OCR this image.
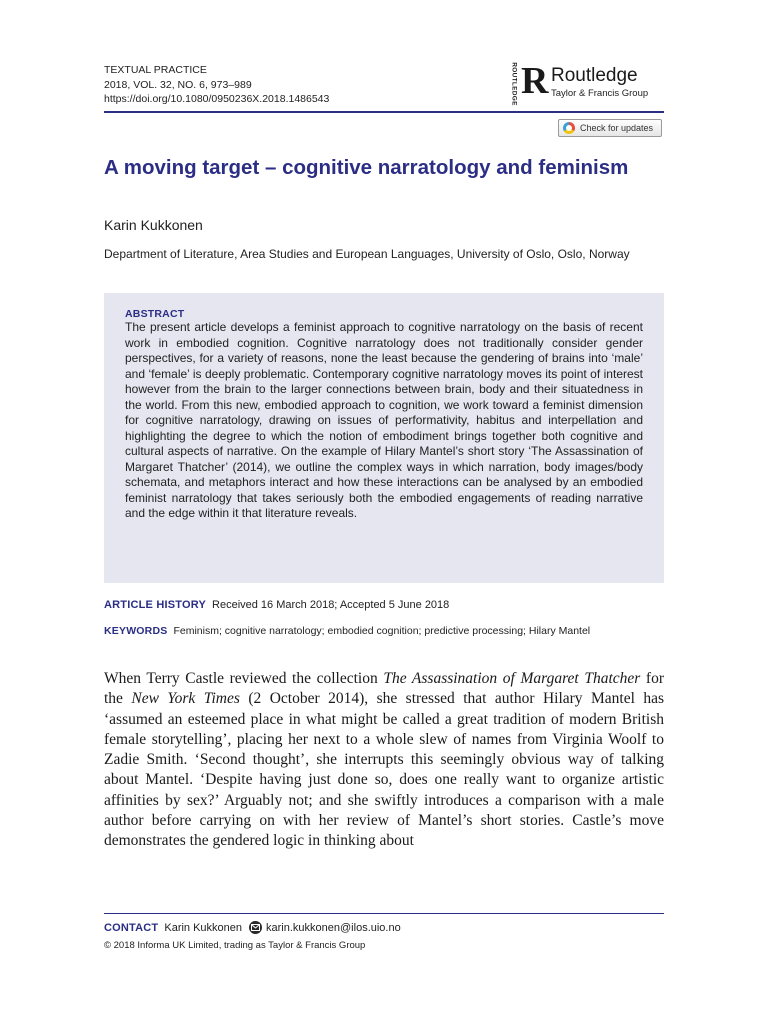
TEXTUAL PRACTICE
2018, VOL. 32, NO. 6, 973–989
https://doi.org/10.1080/0950236X.2018.1486543	ROUTLEDGE R Routledge
Taylor & Francis Group
Check for updates
A moving target – cognitive narratology and feminism
Karin Kukkonen
Department of Literature, Area Studies and European Languages, University of Oslo, Oslo, Norway
ABSTRACT
The present article develops a feminist approach to cognitive narratology on the basis of recent work in embodied cognition. Cognitive narratology does not traditionally consider gender perspectives, for a variety of reasons, none the least because the gendering of brains into ‘male’ and ‘female’ is deeply problematic. Contemporary cognitive narratology moves its point of interest however from the brain to the larger connections between brain, body and their situatedness in the world. From this new, embodied approach to cognition, we work toward a feminist dimension for cognitive narratology, drawing on issues of performativity, habitus and interpellation and highlighting the degree to which the notion of embodiment brings together both cognitive and cultural aspects of narrative. On the example of Hilary Mantel’s short story ‘The Assassination of Margaret Thatcher’ (2014), we outline the complex ways in which narration, body images/body schemata, and metaphors interact and how these interactions can be analysed by an embodied feminist narratology that takes seriously both the embodied engagements of reading narrative and the edge within it that literature reveals.
ARTICLE HISTORY Received 16 March 2018; Accepted 5 June 2018
KEYWORDS Feminism; cognitive narratology; embodied cognition; predictive processing; Hilary Mantel

When Terry Castle reviewed the collection The Assassination of Margaret Thatcher for the New York Times (2 October 2014), she stressed that author Hilary Mantel has ‘assumed an esteemed place in what might be called a great tradition of modern British female storytelling’, placing her next to a whole slew of names from Virginia Woolf to Zadie Smith. ‘Second thought’, she interrupts this seemingly obvious way of talking about Mantel. ‘Despite having just done so, does one really want to organize artistic affinities by sex?’ Arguably not; and she swiftly introduces a comparison with a male author before carrying on with her review of Mantel’s short stories. Castle’s move demonstrates the gendered logic in thinking about

CONTACT Karin Kukkonen karin.kukkonen@ilos.uio.no
© 2018 Informa UK Limited, trading as Taylor & Francis Group
